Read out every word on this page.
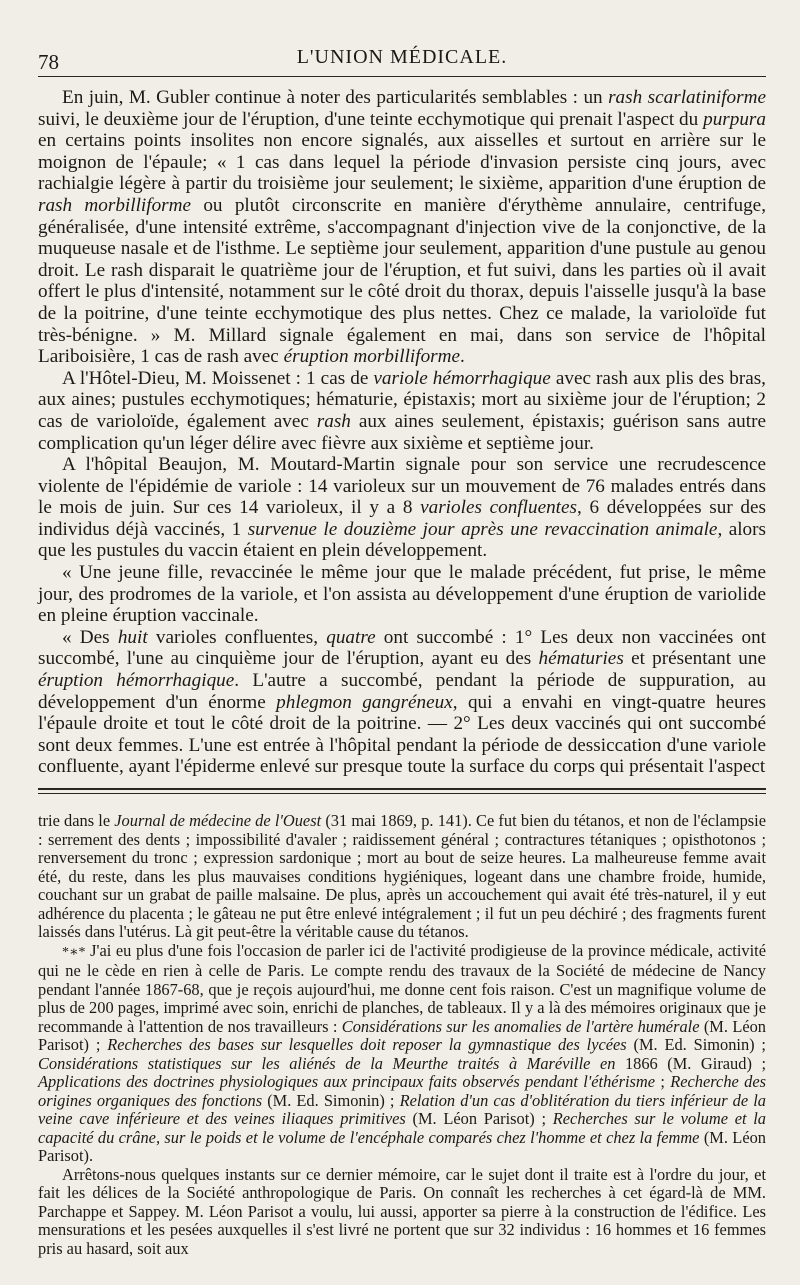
78	L'UNION MÉDICALE.

En juin, M. Gubler continue à noter des particularités semblables : un rash scarlatiniforme suivi, le deuxième jour de l'éruption, d'une teinte ecchymotique qui prenait l'aspect du purpura en certains points insolites non encore signalés, aux aisselles et surtout en arrière sur le moignon de l'épaule; « 1 cas dans lequel la période d'invasion persiste cinq jours, avec rachialgie légère à partir du troisième jour seulement; le sixième, apparition d'une éruption de rash morbilliforme ou plutôt circonscrite en manière d'érythème annulaire, centrifuge, généralisée, d'une intensité extrême, s'accompagnant d'injection vive de la conjonctive, de la muqueuse nasale et de l'isthme. Le septième jour seulement, apparition d'une pustule au genou droit. Le rash disparait le quatrième jour de l'éruption, et fut suivi, dans les parties où il avait offert le plus d'intensité, notamment sur le côté droit du thorax, depuis l'aisselle jusqu'à la base de la poitrine, d'une teinte ecchymotique des plus nettes. Chez ce malade, la varioloïde fut très-bénigne. » M. Millard signale également en mai, dans son service de l'hôpital Lariboisière, 1 cas de rash avec éruption morbilliforme.

A l'Hôtel-Dieu, M. Moissenet : 1 cas de variole hémorrhagique avec rash aux plis des bras, aux aines; pustules ecchymotiques; hématurie, épistaxis; mort au sixième jour de l'éruption; 2 cas de varioloïde, également avec rash aux aines seulement, épistaxis; guérison sans autre complication qu'un léger délire avec fièvre aux sixième et septième jour.

A l'hôpital Beaujon, M. Moutard-Martin signale pour son service une recrudescence violente de l'épidémie de variole : 14 varioleux sur un mouvement de 76 malades entrés dans le mois de juin. Sur ces 14 varioleux, il y a 8 varioles confluentes, 6 développées sur des individus déjà vaccinés, 1 survenue le douzième jour après une revaccination animale, alors que les pustules du vaccin étaient en plein développement.

« Une jeune fille, revaccinée le même jour que le malade précédent, fut prise, le même jour, des prodromes de la variole, et l'on assista au développement d'une éruption de variolide en pleine éruption vaccinale.

« Des huit varioles confluentes, quatre ont succombé : 1° Les deux non vaccinées ont succombé, l'une au cinquième jour de l'éruption, ayant eu des hématuries et présentant une éruption hémorrhagique. L'autre a succombé, pendant la période de suppuration, au développement d'un énorme phlegmon gangréneux, qui a envahi en vingt-quatre heures l'épaule droite et tout le côté droit de la poitrine. — 2° Les deux vaccinés qui ont succombé sont deux femmes. L'une est entrée à l'hôpital pendant la période de dessiccation d'une variole confluente, ayant l'épiderme enlevé sur presque toute la surface du corps qui présentait l'aspect

trie dans le Journal de médecine de l'Ouest (31 mai 1869, p. 141). Ce fut bien du tétanos, et non de l'éclampsie : serrement des dents ; impossibilité d'avaler ; raidissement général ; contractures tétaniques ; opisthotonos ; renversement du tronc ; expression sardonique ; mort au bout de seize heures. La malheureuse femme avait été, du reste, dans les plus mauvaises conditions hygiéniques, logeant dans une chambre froide, humide, couchant sur un grabat de paille malsaine. De plus, après un accouchement qui avait été très-naturel, il y eut adhérence du placenta ; le gâteau ne put être enlevé intégralement ; il fut un peu déchiré ; des fragments furent laissés dans l'utérus. Là git peut-être la véritable cause du tétanos.

*∗* J'ai eu plus d'une fois l'occasion de parler ici de l'activité prodigieuse de la province médicale, activité qui ne le cède en rien à celle de Paris. Le compte rendu des travaux de la Société de médecine de Nancy pendant l'année 1867-68, que je reçois aujourd'hui, me donne cent fois raison. C'est un magnifique volume de plus de 200 pages, imprimé avec soin, enrichi de planches, de tableaux. Il y a là des mémoires originaux que je recommande à l'attention de nos travailleurs : Considérations sur les anomalies de l'artère humérale (M. Léon Parisot) ; Recherches des bases sur lesquelles doit reposer la gymnastique des lycées (M. Ed. Simonin) ; Considérations statistiques sur les aliénés de la Meurthe traités à Maréville en 1866 (M. Giraud) ; Applications des doctrines physiologiques aux principaux faits observés pendant l'éthérisme ; Recherche des origines organiques des fonctions (M. Ed. Simonin) ; Relation d'un cas d'oblitération du tiers inférieur de la veine cave inférieure et des veines iliaques primitives (M. Léon Parisot) ; Recherches sur le volume et la capacité du crâne, sur le poids et le volume de l'encéphale comparés chez l'homme et chez la femme (M. Léon Parisot).

Arrêtons-nous quelques instants sur ce dernier mémoire, car le sujet dont il traite est à l'ordre du jour, et fait les délices de la Société anthropologique de Paris. On connaît les recherches à cet égard-là de MM. Parchappe et Sappey. M. Léon Parisot a voulu, lui aussi, apporter sa pierre à la construction de l'édifice. Les mensurations et les pesées auxquelles il s'est livré ne portent que sur 32 individus : 16 hommes et 16 femmes pris au hasard, soit aux
